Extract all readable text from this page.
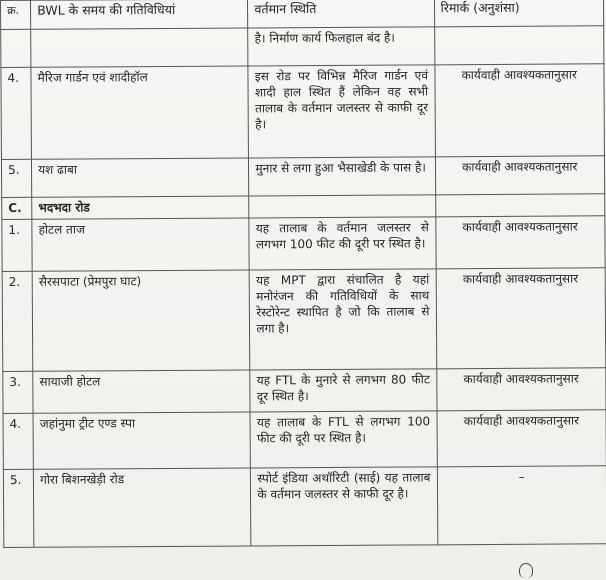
क्र.	BWL के समय की गतिविधियां	वर्तमान स्थिति	रिमार्क (अनुशंसा)
		है। निर्माण कार्य फिलहाल बंद है।	
4.	मैरिज गार्डन एवं शादीहॉल	इस रोड पर विभिन्न मैरिज गार्डन एवं शादी हाल स्थित हैं लेकिन वह सभी तालाब के वर्तमान जलस्तर से काफी दूर है।	कार्यवाही आवश्यकतानुसार
5.	यश ढाबा	मुनार से लगा हुआ भैसाखेडी के पास है।	कार्यवाही आवश्यकतानुसार
C.	भदभदा रोड		
1.	होटल ताज	यह तालाब के वर्तमान जलस्तर से लगभग 100 फीट की दूरी पर स्थित है।	कार्यवाही आवश्यकतानुसार
2.	सैरसपाटा (प्रेमपुरा घाट)	यह MPT द्वारा संचालित है यहां मनोरंजन की गतिविधियों के साथ रेस्टोरेन्ट स्थापित है जो कि तालाब से लगा है।	कार्यवाही आवश्यकतानुसार
3.	सायाजी होटल	यह FTL के मुनारे से लगभग 80 फीट दूर स्थित है।	कार्यवाही आवश्यकतानुसार
4.	जहांनुमा ट्रीट एण्ड स्पा	यह तालाब के FTL से लगभग 100 फीट की दूरी पर स्थित है।	कार्यवाही आवश्यकतानुसार
5.	गोरा बिशनखेड़ी रोड	स्पोर्ट इंडिया अथॉरिटी (साई) यह तालाब के वर्तमान जलस्तर से काफी दूर है।	–
